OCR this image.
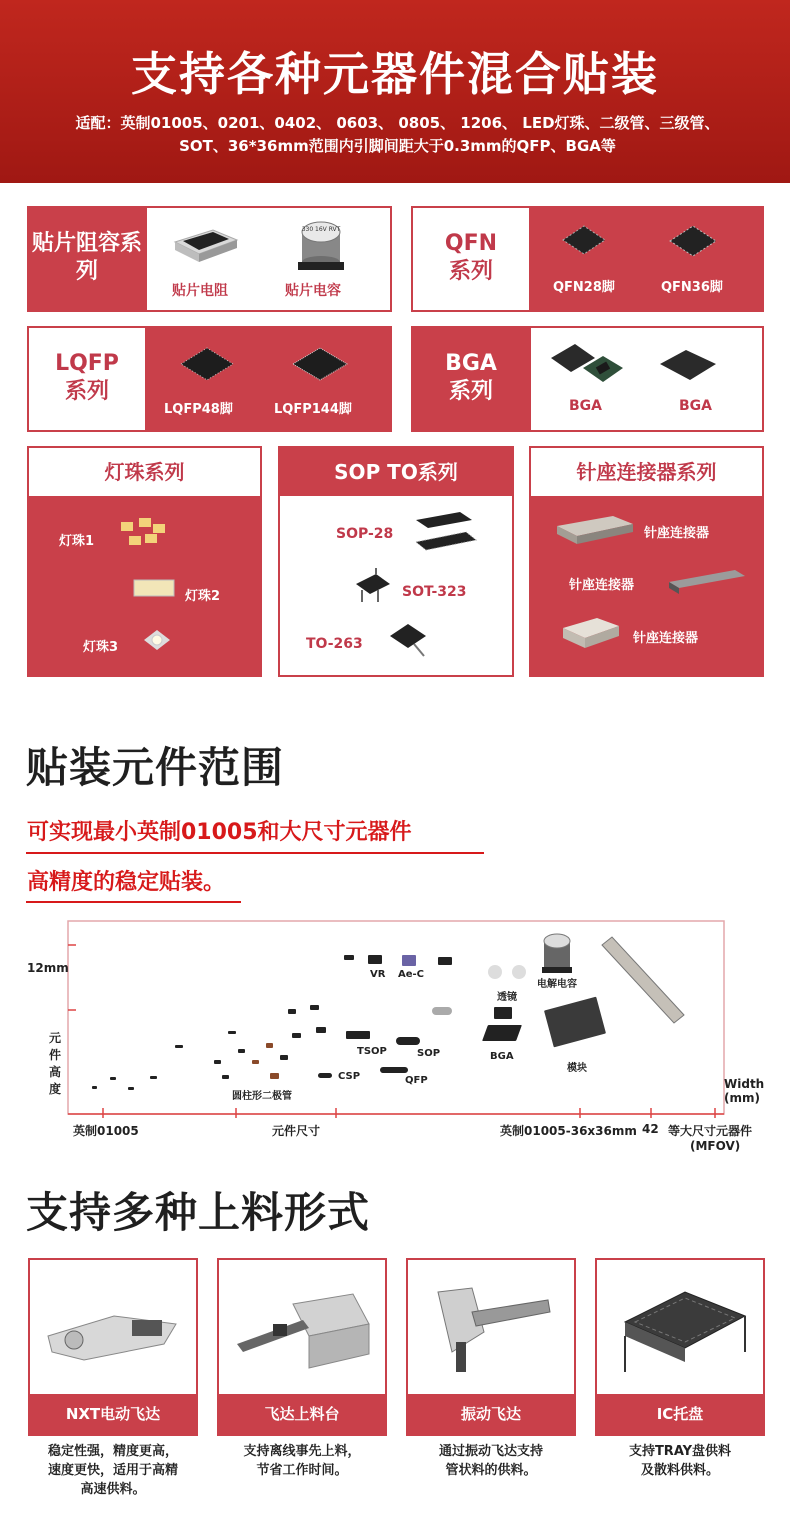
支持各种元器件混合贴装
适配：英制01005、0201、0402、 0603、 0805、 1206、 LED灯珠、二级管、三级管、
SOT、36*36mm范围内引脚间距大于0.3mm的QFP、BGA等
贴片阻容系列
330 16V RVT
贴片电阻	贴片电容
QFN
系列
QFN28脚	QFN36脚
LQFP
系列
LQFP48脚	LQFP144脚
BGA
系列
BGA	BGA
灯珠系列
灯珠1
灯珠2
灯珠3
SOP TO系列
SOP-28
SOT-323
TO-263
针座连接器系列
针座连接器
针座连接器
针座连接器
贴装元件范围
可实现最小英制01005和大尺寸元器件
高精度的稳定贴装。
12mm
元件高度	Width (mm)
英制01005	元件尺寸	英制01005-36x36mm 42 等大尺寸元器件
(MFOV)
VR Ae-C
透镜
电解电容
TSOP	SOP	BGA
模块
CSP	QFP
圆柱形二极管
支持多种上料形式
NXT电动飞达
稳定性强，精度更高，
速度更快，适用于高精
高速供料。
飞达上料台
支持离线事先上料，
节省工作时间。
振动飞达
通过振动飞达支持
管状料的供料。
IC托盘
支持TRAY盘供料
及散料供料。
